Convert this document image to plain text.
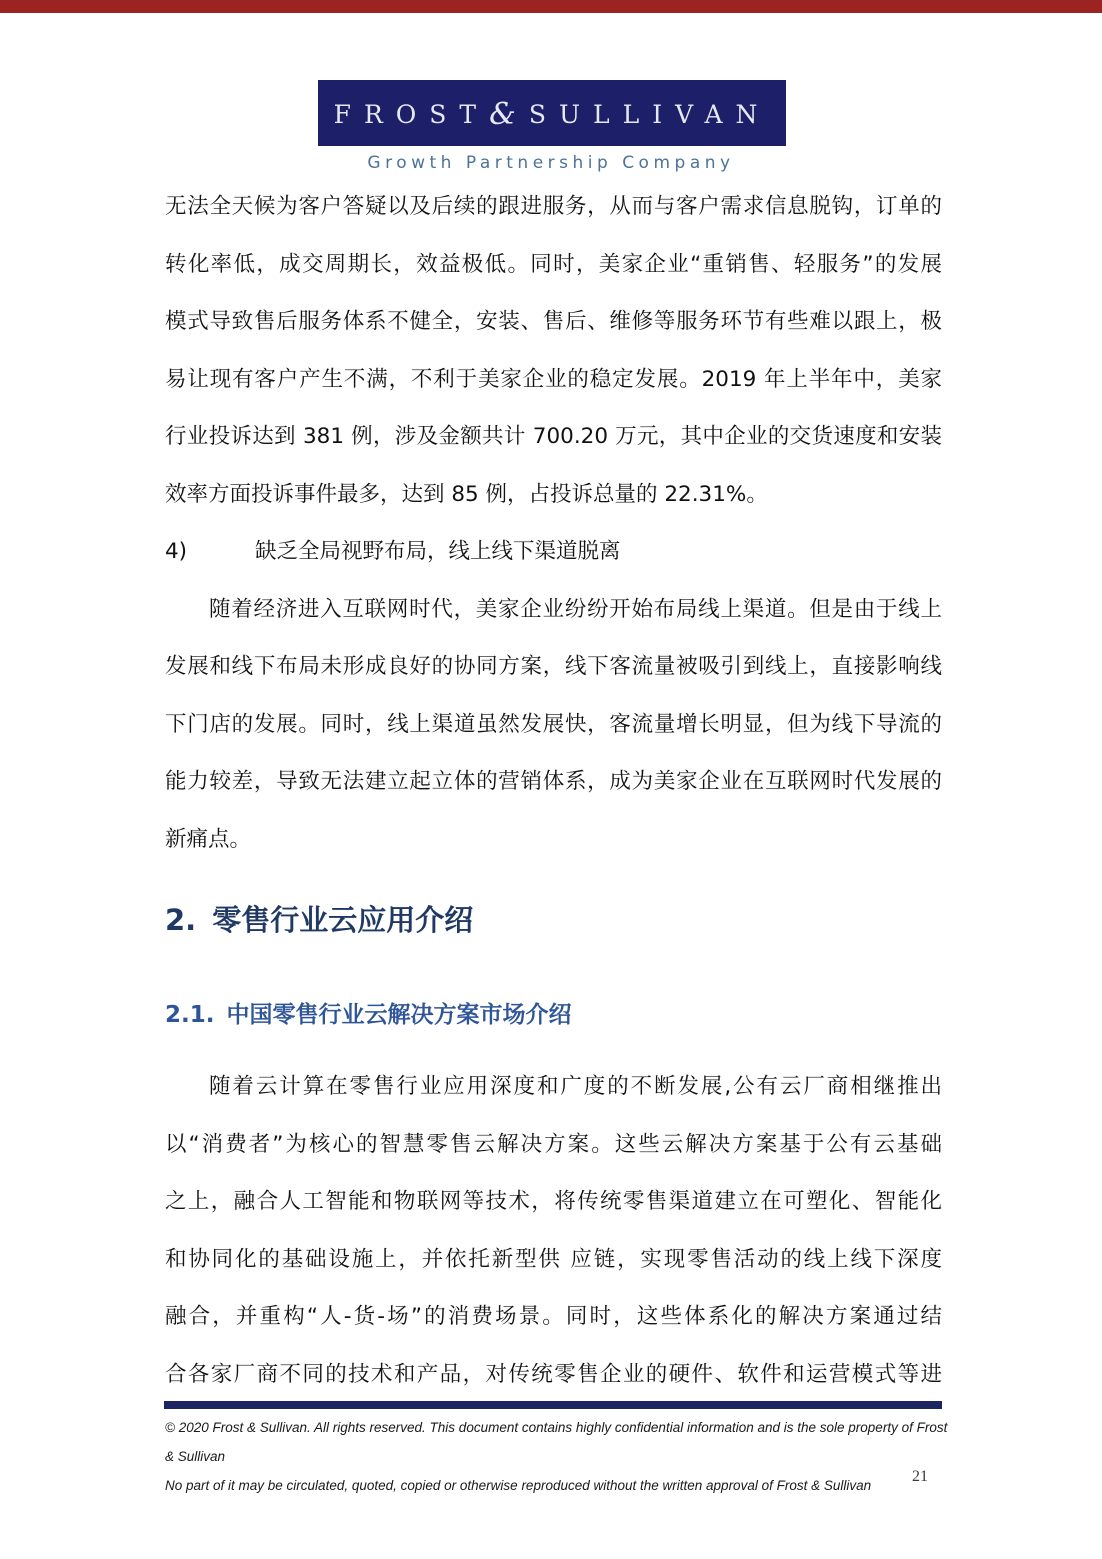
FROST&SULLIVAN
Growth Partnership Company
无法全天候为客户答疑以及后续的跟进服务，从而与客户需求信息脱钩，订单的
转化率低，成交周期长，效益极低。同时，美家企业“重销售、轻服务”的发展
模式导致售后服务体系不健全，安装、售后、维修等服务环节有些难以跟上，极
易让现有客户产生不满，不利于美家企业的稳定发展。2019 年上半年中，美家
行业投诉达到 381 例，涉及金额共计 700.20 万元，其中企业的交货速度和安装
效率方面投诉事件最多，达到 85 例，占投诉总量的 22.31%。
4)	缺乏全局视野布局，线上线下渠道脱离
随着经济进入互联网时代，美家企业纷纷开始布局线上渠道。但是由于线上
发展和线下布局未形成良好的协同方案，线下客流量被吸引到线上，直接影响线
下门店的发展。同时，线上渠道虽然发展快，客流量增长明显，但为线下导流的
能力较差，导致无法建立起立体的营销体系，成为美家企业在互联网时代发展的
新痛点。
2. 零售行业云应用介绍
2.1. 中国零售行业云解决方案市场介绍
随着云计算在零售行业应用深度和广度的不断发展,公有云厂商相继推出
以“消费者”为核心的智慧零售云解决方案。这些云解决方案基于公有云基础
之上，融合人工智能和物联网等技术，将传统零售渠道建立在可塑化、智能化
和协同化的基础设施上，并依托新型供 应链，实现零售活动的线上线下深度
融合，并重构“人-货-场”的消费场景。同时，这些体系化的解决方案通过结
合各家厂商不同的技术和产品，对传统零售企业的硬件、软件和运营模式等进
© 2020 Frost & Sullivan. All rights reserved. This document contains highly confidential information and is the sole property of Frost & Sullivan
No part of it may be circulated, quoted, copied or otherwise reproduced without the written approval of Frost & Sullivan
21
